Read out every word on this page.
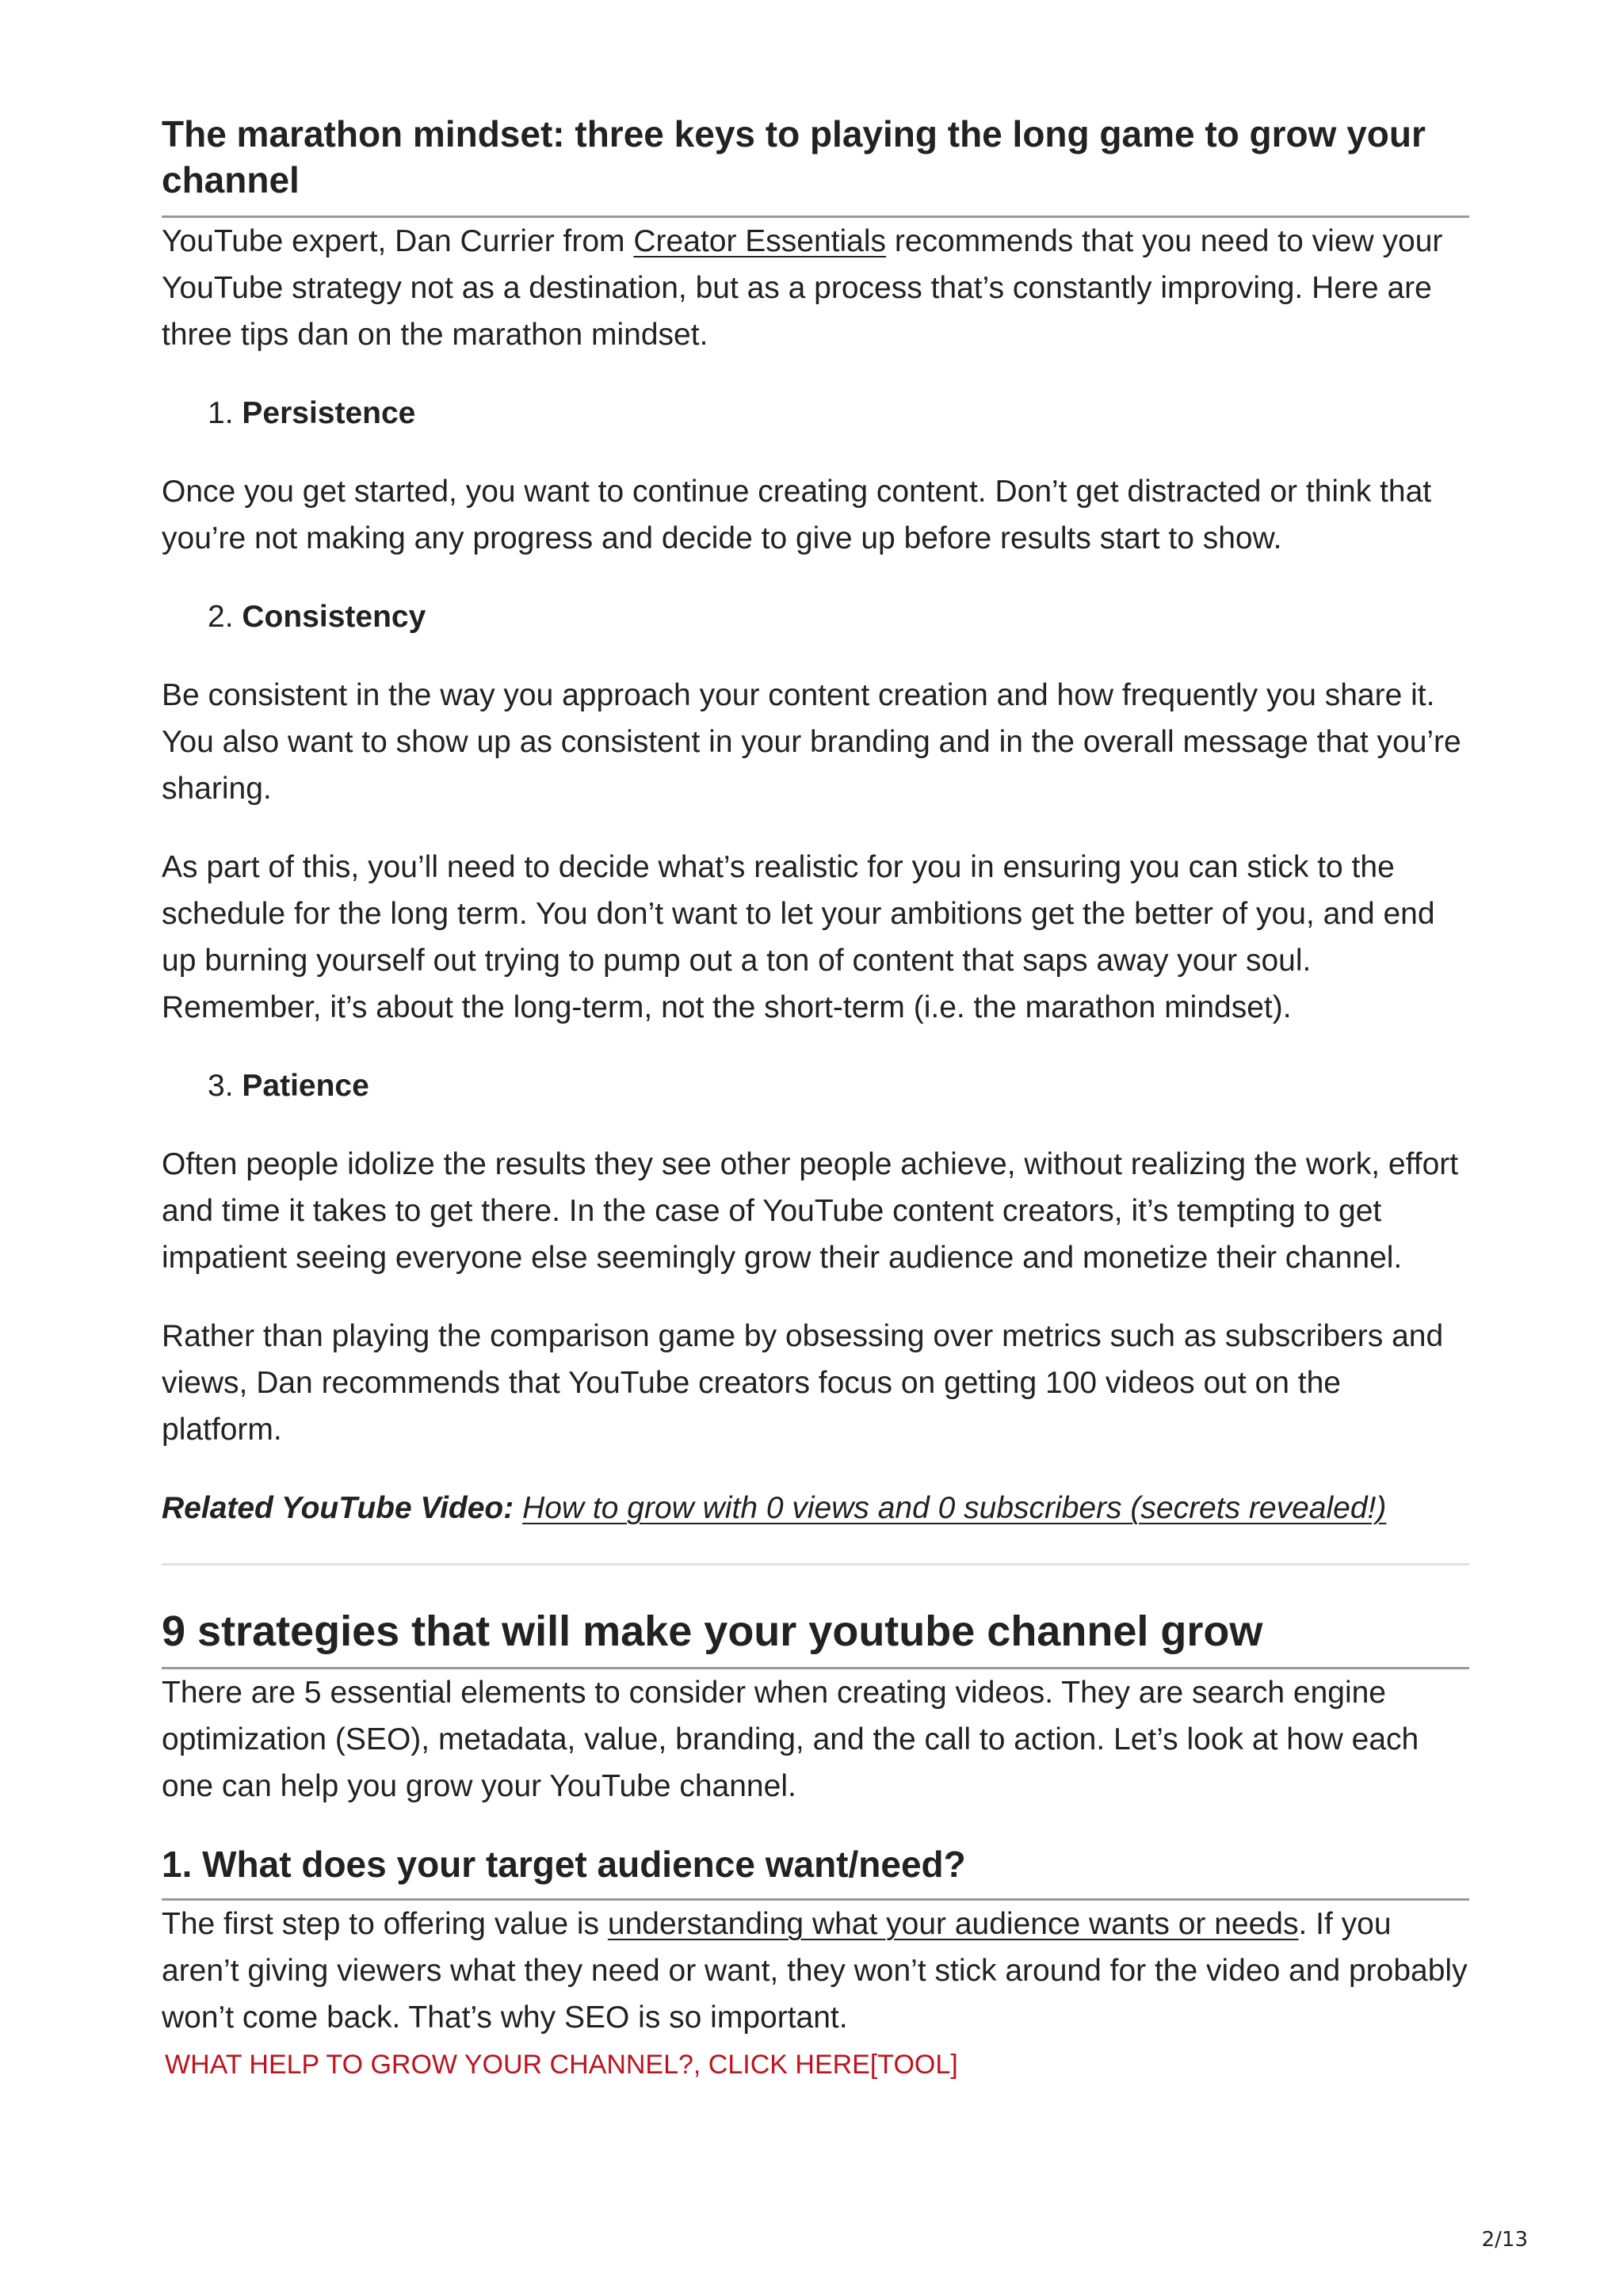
The marathon mindset: three keys to playing the long game to grow your channel

YouTube expert, Dan Currier from Creator Essentials recommends that you need to view your YouTube strategy not as a destination, but as a process that’s constantly improving. Here are three tips dan on the marathon mindset.

1. Persistence

Once you get started, you want to continue creating content. Don’t get distracted or think that you’re not making any progress and decide to give up before results start to show.

2. Consistency

Be consistent in the way you approach your content creation and how frequently you share it. You also want to show up as consistent in your branding and in the overall message that you’re sharing.

As part of this, you’ll need to decide what’s realistic for you in ensuring you can stick to the schedule for the long term. You don’t want to let your ambitions get the better of you, and end up burning yourself out trying to pump out a ton of content that saps away your soul. Remember, it’s about the long-term, not the short-term (i.e. the marathon mindset).

3. Patience

Often people idolize the results they see other people achieve, without realizing the work, effort and time it takes to get there. In the case of YouTube content creators, it’s tempting to get impatient seeing everyone else seemingly grow their audience and monetize their channel.

Rather than playing the comparison game by obsessing over metrics such as subscribers and views, Dan recommends that YouTube creators focus on getting 100 videos out on the platform.

Related YouTube Video: How to grow with 0 views and 0 subscribers (secrets revealed!)

9 strategies that will make your youtube channel grow

There are 5 essential elements to consider when creating videos. They are search engine optimization (SEO), metadata, value, branding, and the call to action. Let’s look at how each one can help you grow your YouTube channel.

1. What does your target audience want/need?

The first step to offering value is understanding what your audience wants or needs. If you aren’t giving viewers what they need or want, they won’t stick around for the video and probably won’t come back. That’s why SEO is so important.

WHAT HELP TO GROW YOUR CHANNEL?, CLICK HERE[TOOL]
2/13
